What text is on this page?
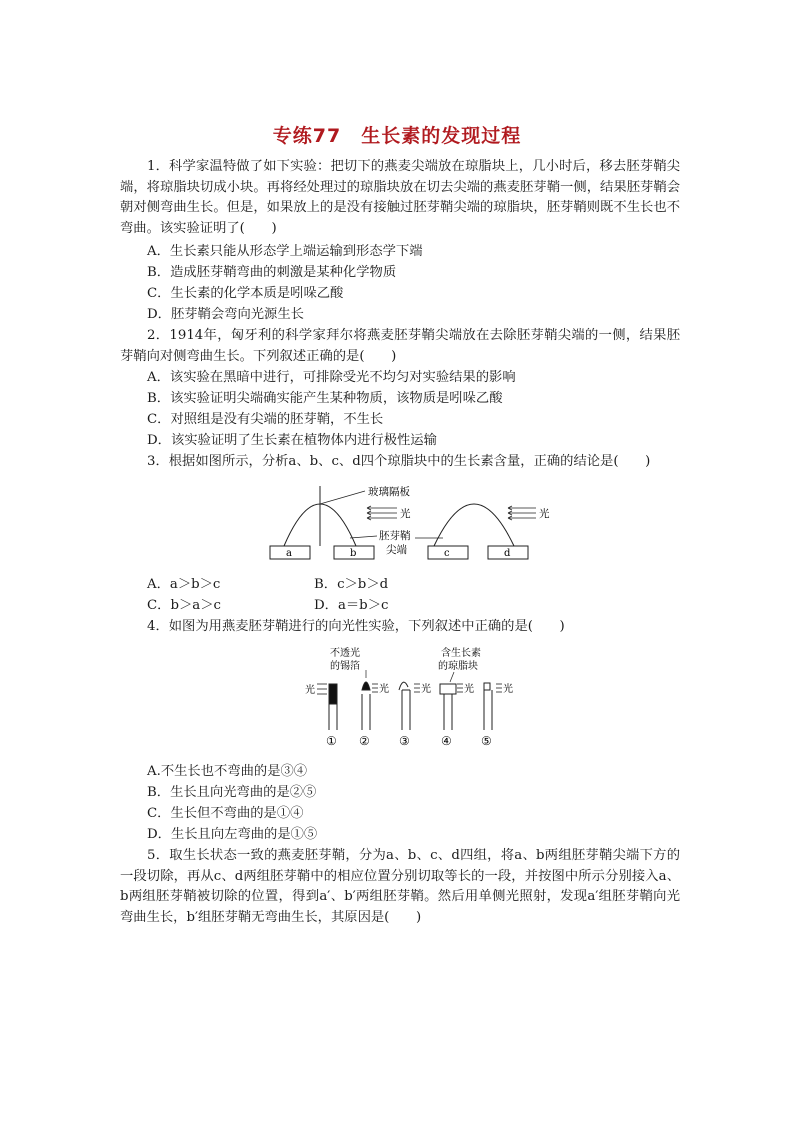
专练77　生长素的发现过程

1．科学家温特做了如下实验：把切下的燕麦尖端放在琼脂块上，几小时后，移去胚芽鞘尖端，将琼脂块切成小块。再将经处理过的琼脂块放在切去尖端的燕麦胚芽鞘一侧，结果胚芽鞘会朝对侧弯曲生长。但是，如果放上的是没有接触过胚芽鞘尖端的琼脂块，胚芽鞘则既不生长也不弯曲。该实验证明了(　　)

A．生长素只能从形态学上端运输到形态学下端
B．造成胚芽鞘弯曲的刺激是某种化学物质
C．生长素的化学本质是吲哚乙酸
D．胚芽鞘会弯向光源生长

2．1914年，匈牙利的科学家拜尔将燕麦胚芽鞘尖端放在去除胚芽鞘尖端的一侧，结果胚芽鞘向对侧弯曲生长。下列叙述正确的是(　　)

A．该实验在黑暗中进行，可排除受光不均匀对实验结果的影响
B．该实验证明尖端确实能产生某种物质，该物质是吲哚乙酸
C．对照组是没有尖端的胚芽鞘，不生长
D．该实验证明了生长素在植物体内进行极性运输

3．根据如图所示，分析a、b、c、d四个琼脂块中的生长素含量，正确的结论是(　　)

玻璃隔板
光
胚芽鞘
尖端
a	b
光
c	d
A．a＞b＞c	B．c＞b＞d
C．b＞a＞c	D．a＝b＞c

4．如图为用燕麦胚芽鞘进行的向光性实验，下列叙述中正确的是(　　)

不透光
的锡箔
含生长素
的琼脂块
光	光	光	光	光
① ② ③	④ ⑤
A.不生长也不弯曲的是③④
B．生长且向光弯曲的是②⑤
C．生长但不弯曲的是①④
D．生长且向左弯曲的是①⑤

5．取生长状态一致的燕麦胚芽鞘，分为a、b、c、d四组，将a、b两组胚芽鞘尖端下方的一段切除，再从c、d两组胚芽鞘中的相应位置分别切取等长的一段，并按图中所示分别接入a、b两组胚芽鞘被切除的位置，得到a′、b′两组胚芽鞘。然后用单侧光照射，发现a′组胚芽鞘向光弯曲生长，b′组胚芽鞘无弯曲生长，其原因是(　　)
